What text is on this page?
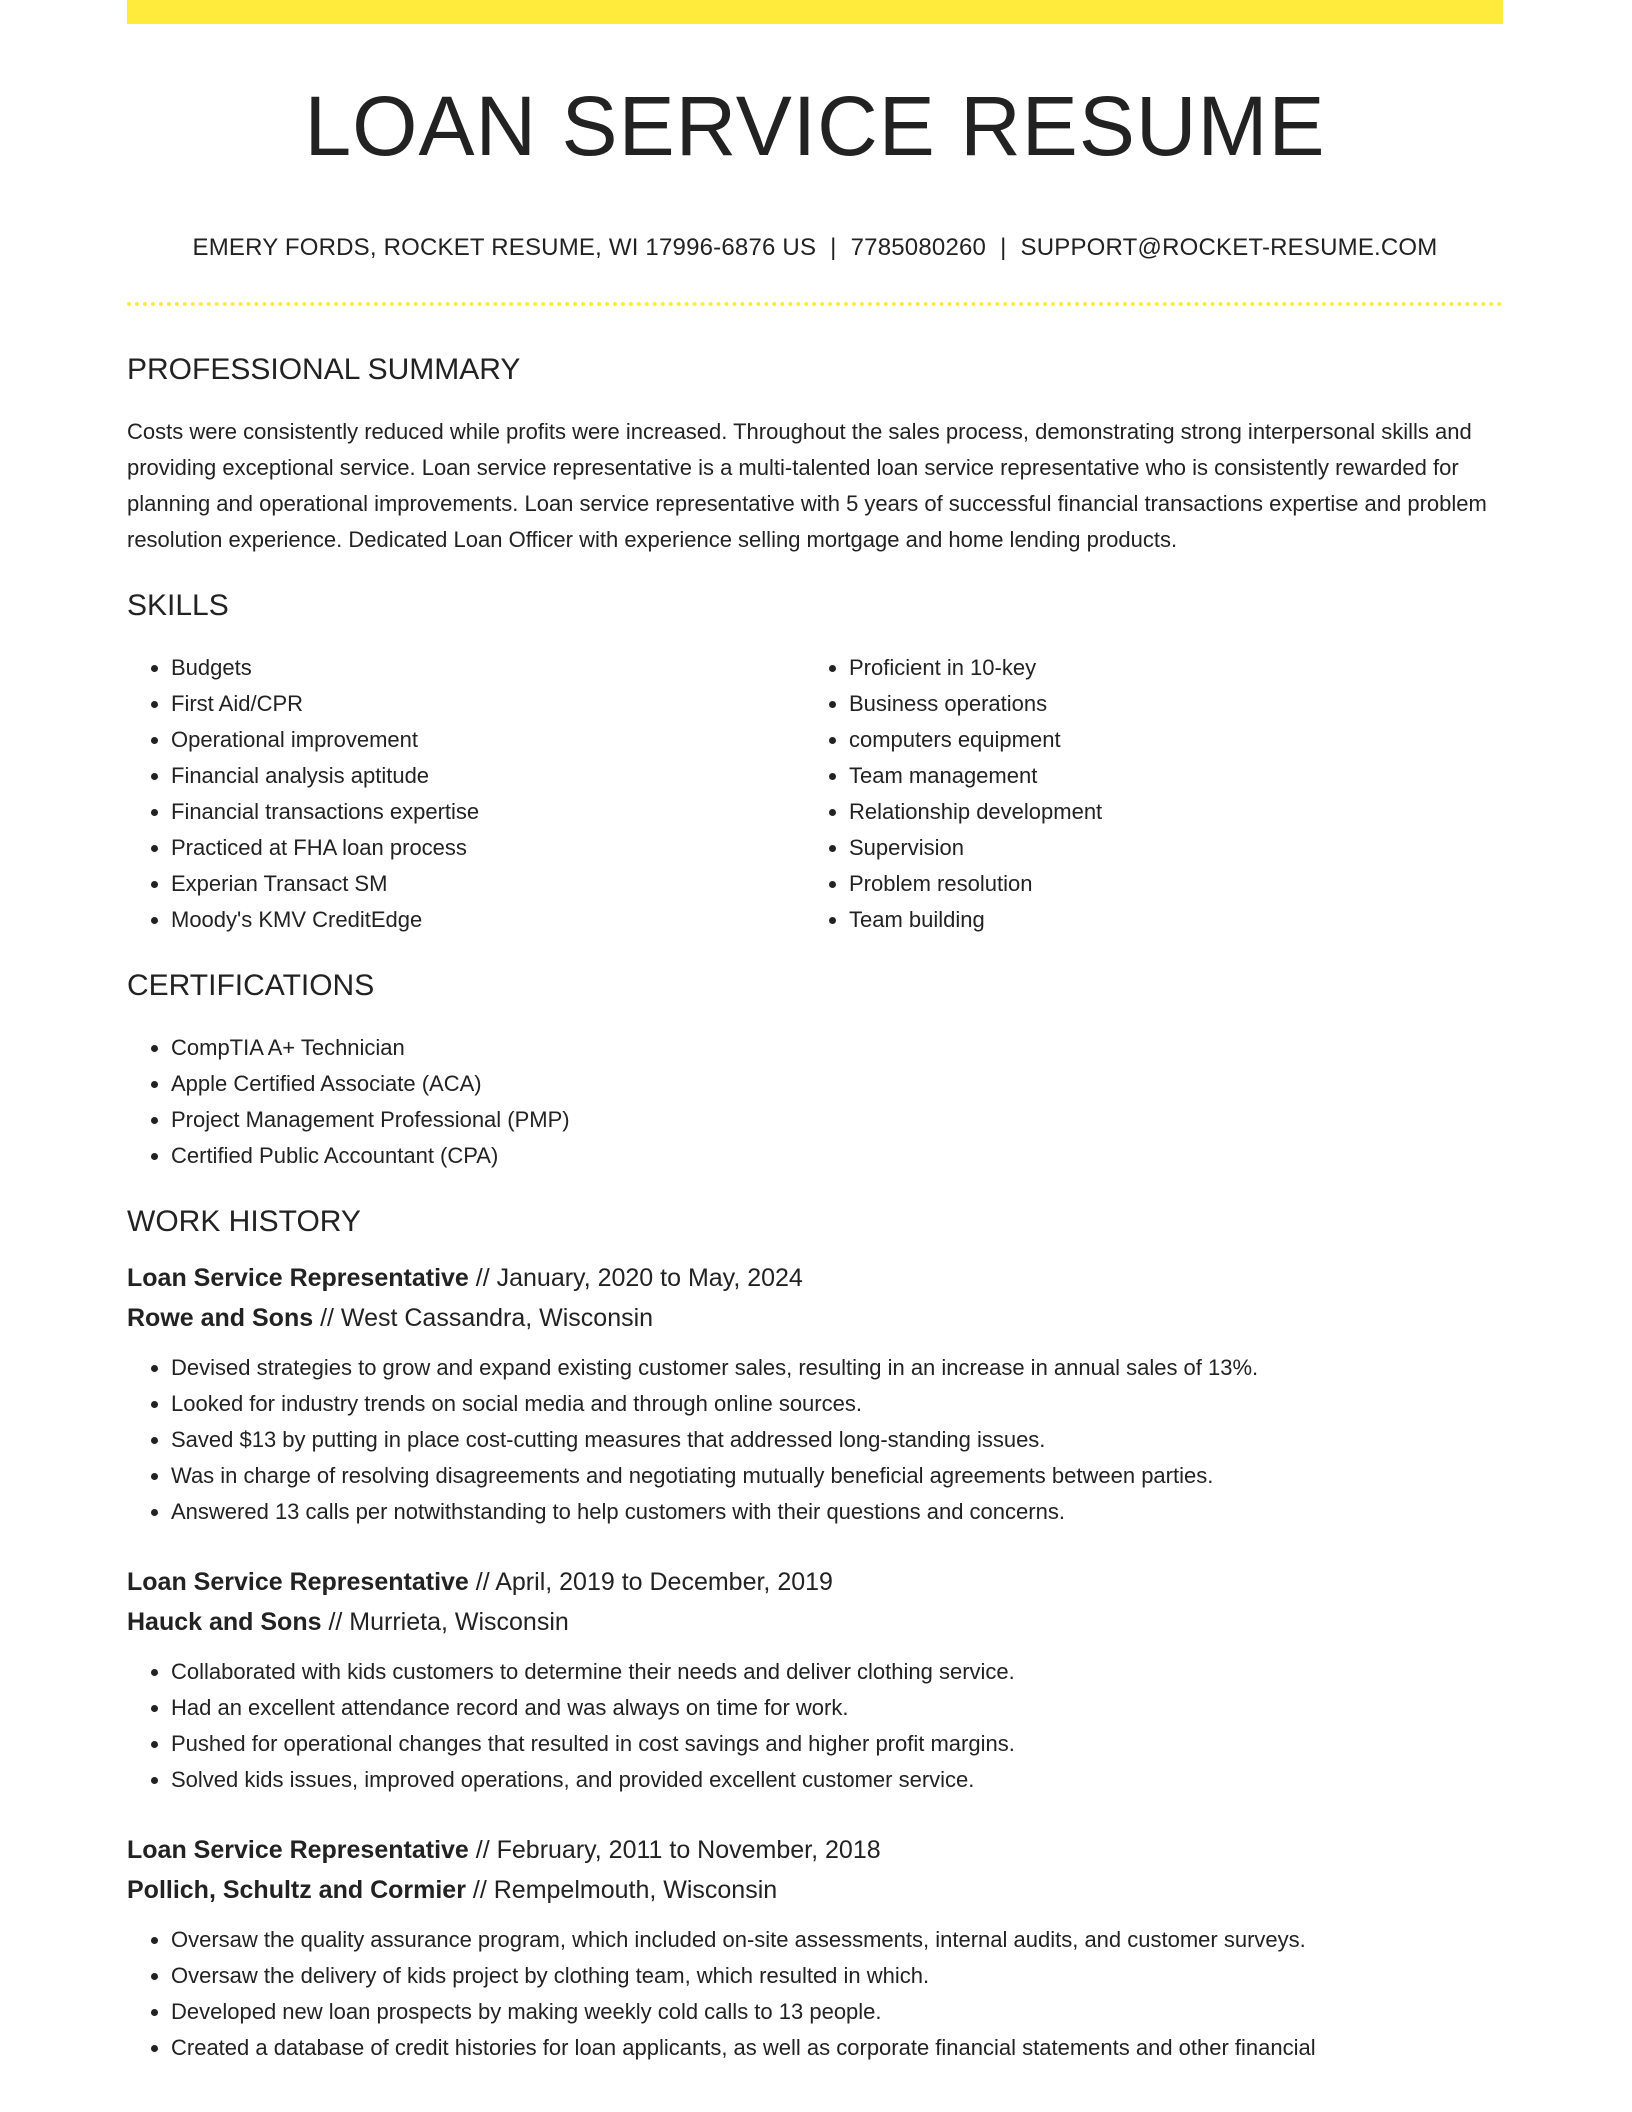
LOAN SERVICE RESUME
EMERY FORDS, ROCKET RESUME, WI 17996-6876 US | 7785080260 | SUPPORT@ROCKET-RESUME.COM
PROFESSIONAL SUMMARY
Costs were consistently reduced while profits were increased. Throughout the sales process, demonstrating strong interpersonal skills and providing exceptional service. Loan service representative is a multi-talented loan service representative who is consistently rewarded for planning and operational improvements. Loan service representative with 5 years of successful financial transactions expertise and problem resolution experience. Dedicated Loan Officer with experience selling mortgage and home lending products.
SKILLS
• Budgets
• First Aid/CPR
• Operational improvement
• Financial analysis aptitude
• Financial transactions expertise
• Practiced at FHA loan process
• Experian Transact SM
• Moody's KMV CreditEdge
• Proficient in 10-key
• Business operations
• computers equipment
• Team management
• Relationship development
• Supervision
• Problem resolution
• Team building
CERTIFICATIONS
• CompTIA A+ Technician
• Apple Certified Associate (ACA)
• Project Management Professional (PMP)
• Certified Public Accountant (CPA)
WORK HISTORY
Loan Service Representative // January, 2020 to May, 2024
Rowe and Sons // West Cassandra, Wisconsin
• Devised strategies to grow and expand existing customer sales, resulting in an increase in annual sales of 13%.
• Looked for industry trends on social media and through online sources.
• Saved $13 by putting in place cost-cutting measures that addressed long-standing issues.
• Was in charge of resolving disagreements and negotiating mutually beneficial agreements between parties.
• Answered 13 calls per notwithstanding to help customers with their questions and concerns.
Loan Service Representative // April, 2019 to December, 2019
Hauck and Sons // Murrieta, Wisconsin
• Collaborated with kids customers to determine their needs and deliver clothing service.
• Had an excellent attendance record and was always on time for work.
• Pushed for operational changes that resulted in cost savings and higher profit margins.
• Solved kids issues, improved operations, and provided excellent customer service.
Loan Service Representative // February, 2011 to November, 2018
Pollich, Schultz and Cormier // Rempelmouth, Wisconsin
• Oversaw the quality assurance program, which included on-site assessments, internal audits, and customer surveys.
• Oversaw the delivery of kids project by clothing team, which resulted in which.
• Developed new loan prospects by making weekly cold calls to 13 people.
• Created a database of credit histories for loan applicants, as well as corporate financial statements and other financial
